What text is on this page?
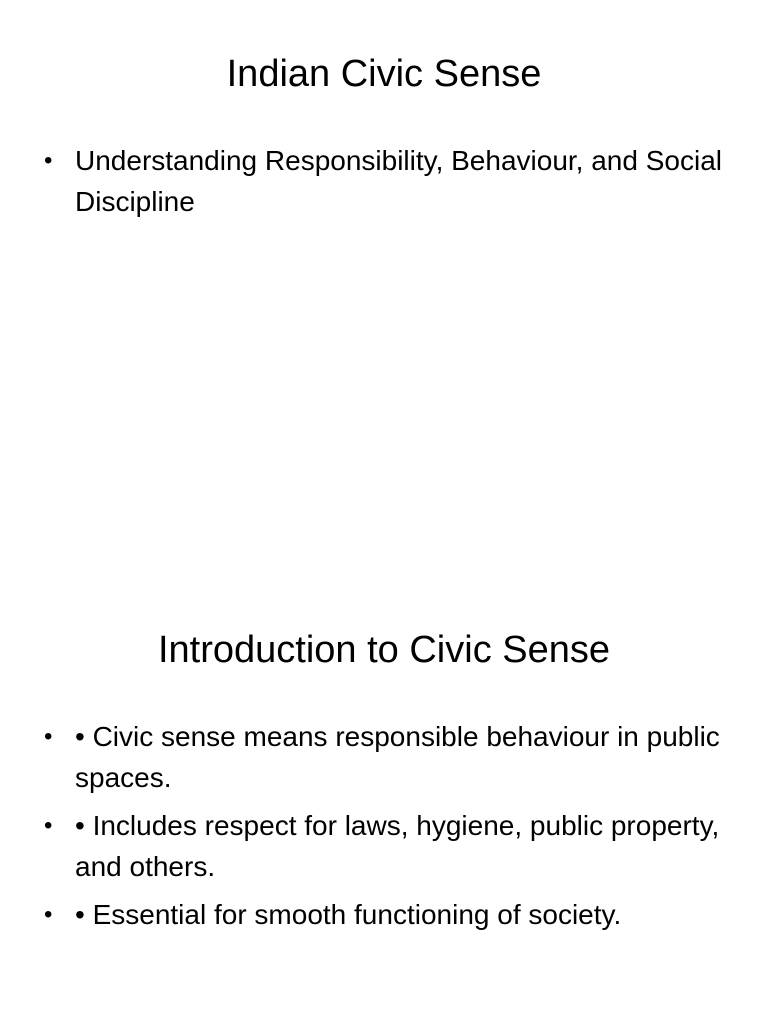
Indian Civic Sense
• Understanding Responsibility, Behaviour, and Social Discipline
Introduction to Civic Sense
• • Civic sense means responsible behaviour in public spaces.
• • Includes respect for laws, hygiene, public property, and others.
• • Essential for smooth functioning of society.
